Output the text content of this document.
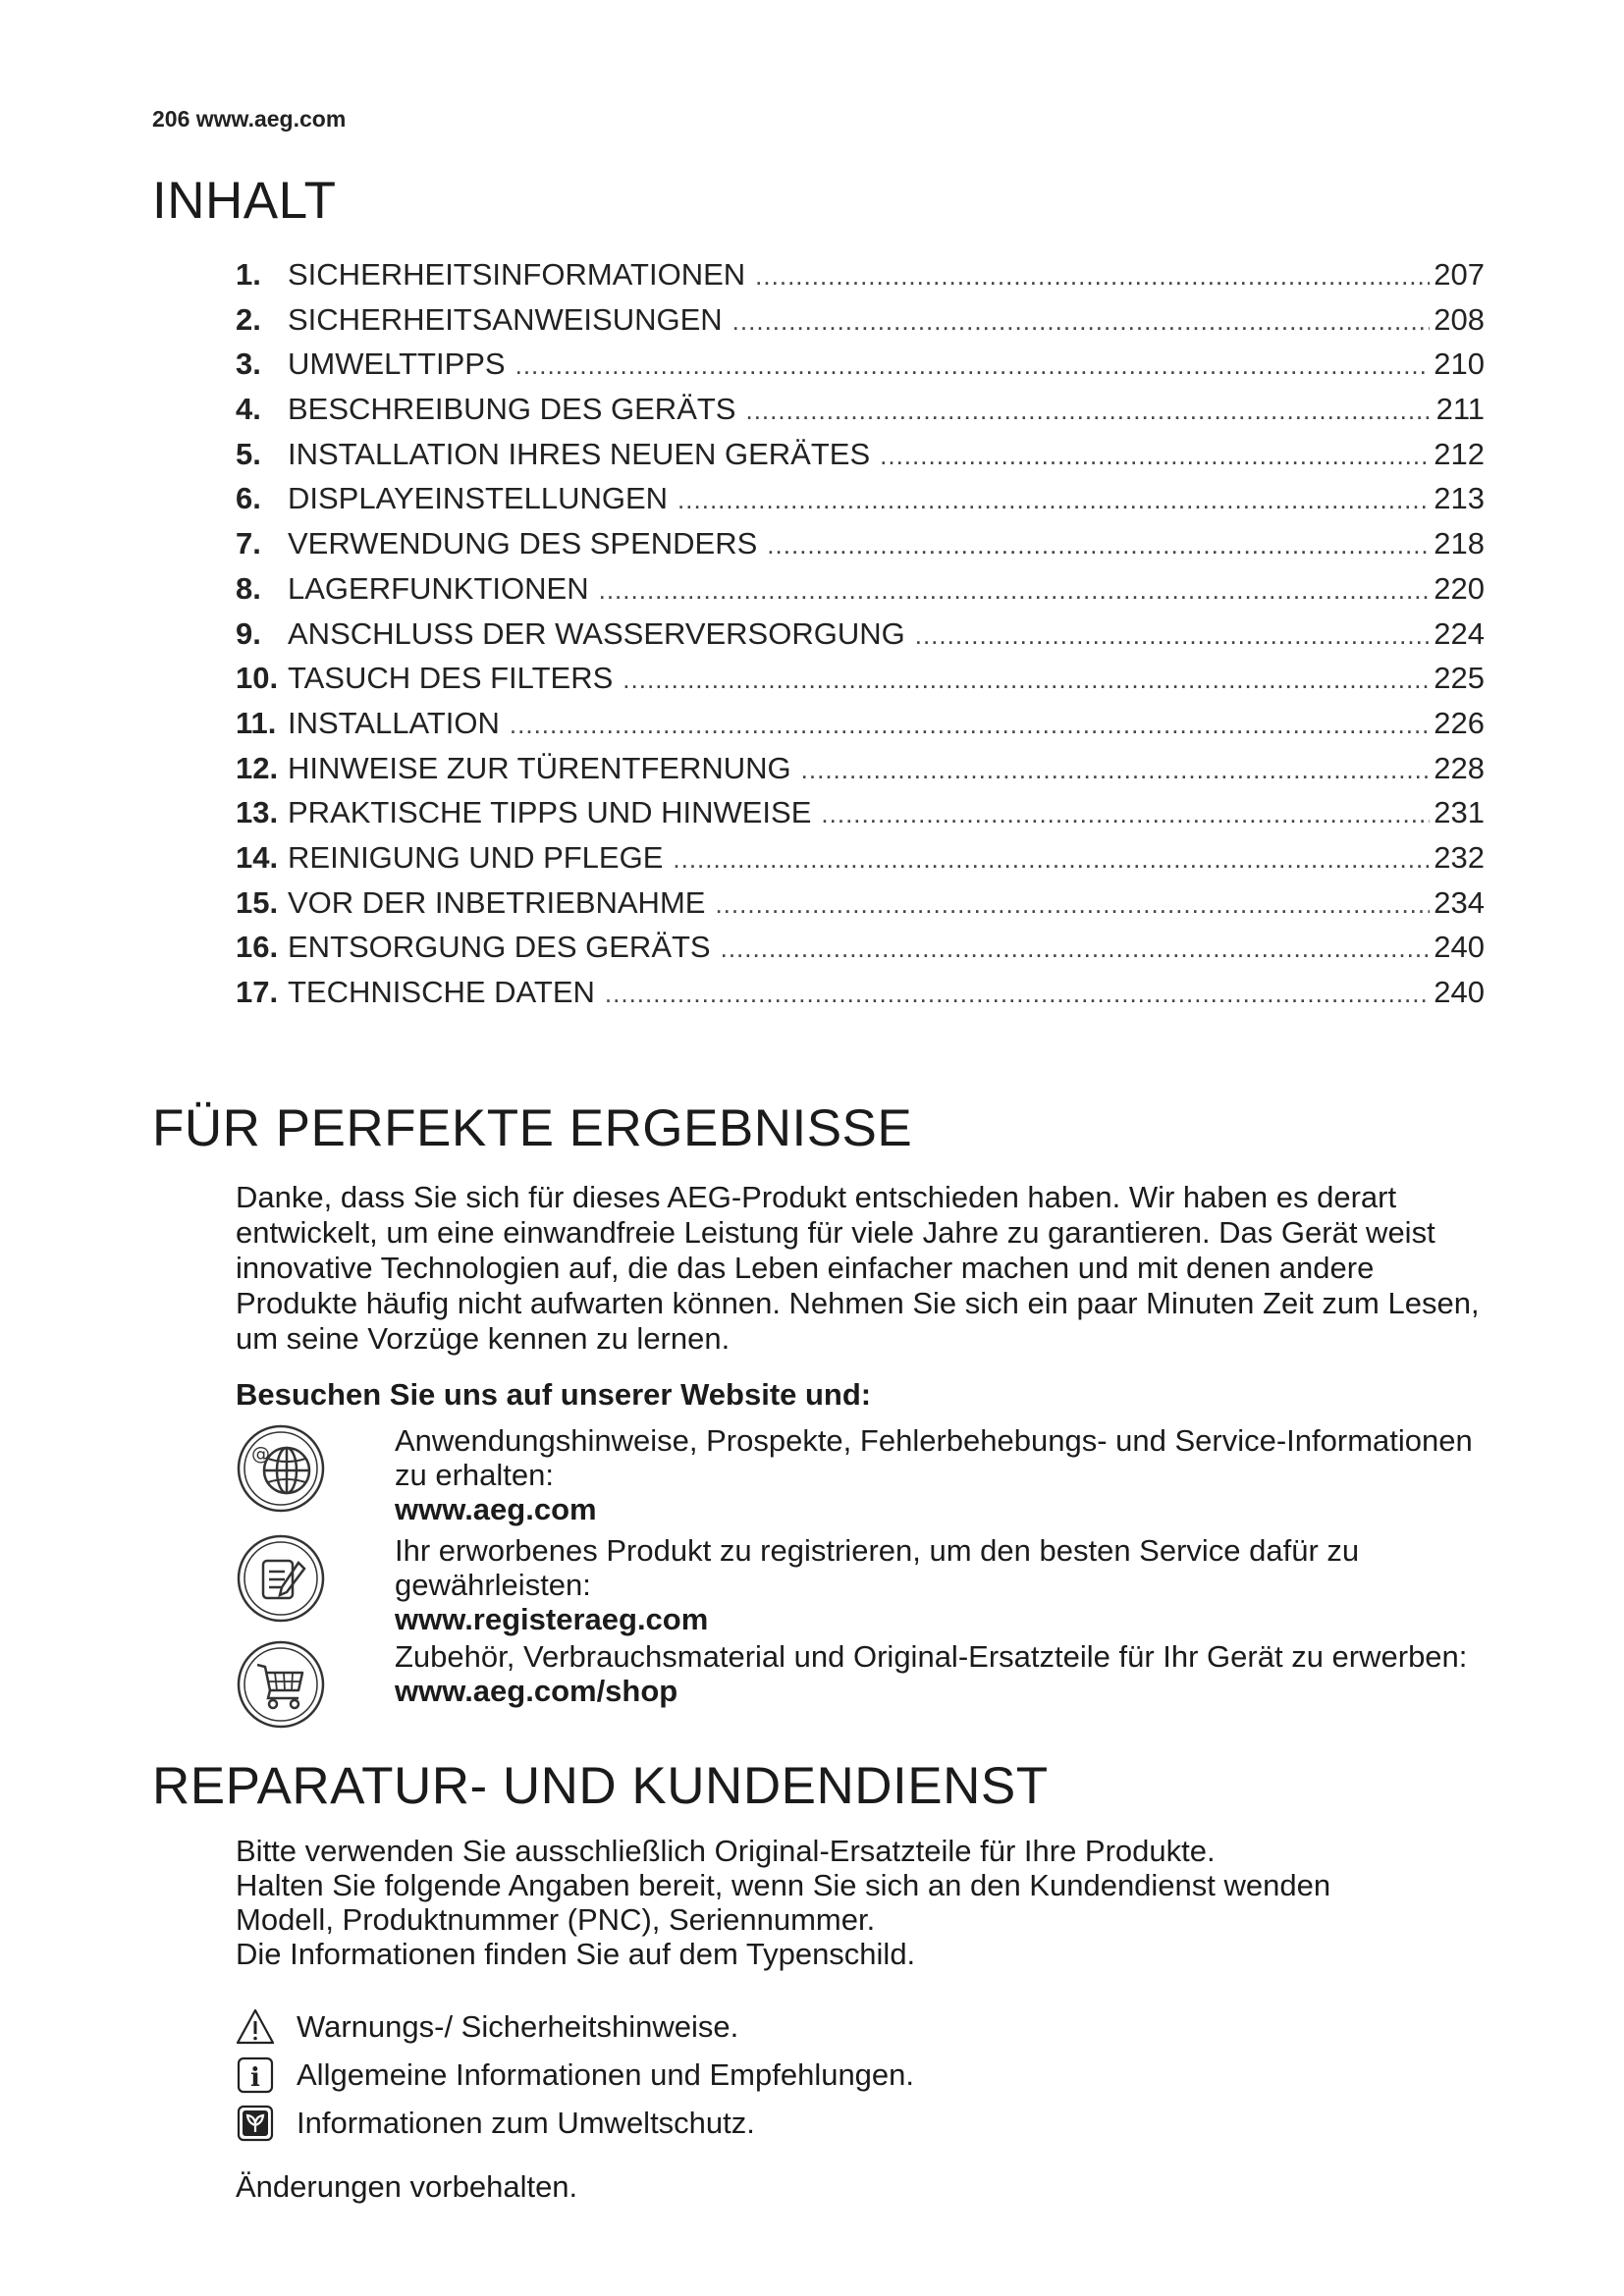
206 www.aeg.com
INHALT
1. SICHERHEITSINFORMATIONEN .....	207
2. SICHERHEITSANWEISUNGEN .....	208
3. UMWELTTIPPS .....	210
4. BESCHREIBUNG DES GERÄTS .....	211
5. INSTALLATION IHRES NEUEN GERÄTES .....	212
6. DISPLAYEINSTELLUNGEN .....	213
7. VERWENDUNG DES SPENDERS .....	218
8. LAGERFUNKTIONEN .....	220
9. ANSCHLUSS DER WASSERVERSORGUNG .....	224
10. TASUCH DES FILTERS .....	225
11. INSTALLATION .....	226
12. HINWEISE ZUR TÜRENTFERNUNG .....	228
13. PRAKTISCHE TIPPS UND HINWEISE .....	231
14. REINIGUNG UND PFLEGE .....	232
15. VOR DER INBETRIEBNAHME .....	234
16. ENTSORGUNG DES GERÄTS .....	240
17. TECHNISCHE DATEN .....	240
FÜR PERFEKTE ERGEBNISSE

Danke, dass Sie sich für dieses AEG-Produkt entschieden haben. Wir haben es derart entwickelt, um eine einwandfreie Leistung für viele Jahre zu garantieren. Das Gerät weist innovative Technologien auf, die das Leben einfacher machen und mit denen andere Produkte häufig nicht aufwarten können. Nehmen Sie sich ein paar Minuten Zeit zum Lesen, um seine Vorzüge kennen zu lernen.

Besuchen Sie uns auf unserer Website und:

@	Anwendungshinweise, Prospekte, Fehlerbehebungs- und Service-Informationen zu erhalten:
www.aeg.com
Ihr erworbenes Produkt zu registrieren, um den besten Service dafür zu gewährleisten:
www.registeraeg.com
Zubehör, Verbrauchsmaterial und Original-Ersatzteile für Ihr Gerät zu erwerben:
www.aeg.com/shop
REPARATUR- UND KUNDENDIENST
Bitte verwenden Sie ausschließlich Original-Ersatzteile für Ihre Produkte.
Halten Sie folgende Angaben bereit, wenn Sie sich an den Kundendienst wenden
Modell, Produktnummer (PNC), Seriennummer.
Die Informationen finden Sie auf dem Typenschild.
Warnungs-/ Sicherheitshinweise.
i Allgemeine Informationen und Empfehlungen.
Informationen zum Umweltschutz.

Änderungen vorbehalten.
